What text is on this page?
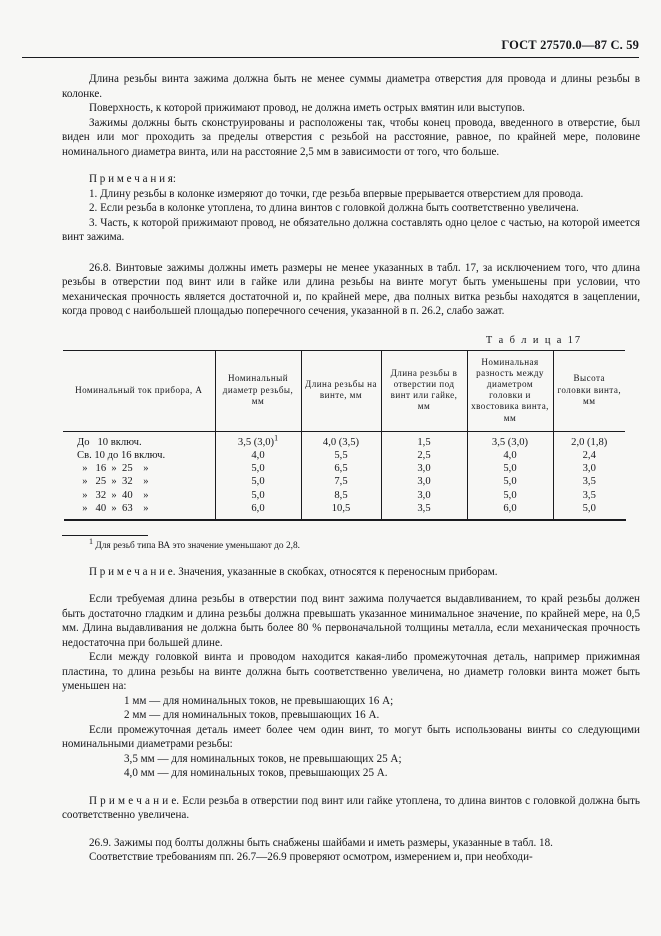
ГОСТ 27570.0—87 С. 59

Длина резьбы винта зажима должна быть не менее суммы диаметра отверстия для провода и длины резьбы в колонке.

Поверхность, к которой прижимают провод, не должна иметь острых вмятин или выступов.

Зажимы должны быть сконструированы и расположены так, чтобы конец провода, введенного в отверстие, был виден или мог проходить за пределы отверстия с резьбой на расстояние, равное, по крайней мере, половине номинального диаметра винта, или на расстояние 2,5 мм в зависимости от того, что больше.

П р и м е ч а н и я:

1. Длину резьбы в колонке измеряют до точки, где резьба впервые прерывается отверстием для провода.

2. Если резьба в колонке утоплена, то длина винтов с головкой должна быть соответственно увеличена.

3. Часть, к которой прижимают провод, не обязательно должна составлять одно целое с частью, на которой имеется винт зажима.

26.8. Винтовые зажимы должны иметь размеры не менее указанных в табл. 17, за исключением того, что длина резьбы в отверстии под винт или в гайке или длина резьбы на винте могут быть уменьшены при условии, что механическая прочность является достаточной и, по крайней мере, два полных витка резьбы находятся в зацеплении, когда провод с наибольшей площадью поперечного сечения, указанной в п. 26.2, слабо зажат.

Т а б л и ц а 17
Номинальный ток прибора, А	Номинальный диаметр резьбы, мм	Длина резьбы на винте, мм	Длина резьбы в отверстии под винт или гайке, мм	Номинальная разность между диаметром головки и хвостовика винта, мм	Высота головки винта, мм
До   10 включ.	3,5 $(3,0)^1$	4,0 (3,5)	1,5	3,5 (3,0)	2,0 (1,8)
Св. 10 до 16 включ.	4,0	5,5	2,5	4,0	2,4
»   16  »  25    »	5,0	6,5	3,0	5,0	3,0
»   25  »  32    »	5,0	7,5	3,0	5,0	3,5
»   32  »  40    »	5,0	8,5	3,0	5,0	3,5
»   40  »  63    »	6,0	10,5	3,5	6,0	5,0

$^1$ Для резьб типа ВА это значение уменьшают до 2,8.

П р и м е ч а н и е. Значения, указанные в скобках, относятся к переносным приборам.

Если требуемая длина резьбы в отверстии под винт зажима получается выдавливанием, то край резьбы должен быть достаточно гладким и длина резьбы должна превышать указанное минимальное значение, по крайней мере, на 0,5 мм. Длина выдавливания не должна быть более 80 % первоначальной толщины металла, если механическая прочность недостаточна при большей длине.

Если между головкой винта и проводом находится какая-либо промежуточная деталь, например прижимная пластина, то длина резьбы на винте должна быть соответственно увеличена, но диаметр головки винта может быть уменьшен на:

1 мм — для номинальных токов, не превышающих 16 А;

2 мм — для номинальных токов, превышающих 16 А.

Если промежуточная деталь имеет более чем один винт, то могут быть использованы винты со следующими номинальными диаметрами резьбы:

3,5 мм — для номинальных токов, не превышающих 25 А;

4,0 мм — для номинальных токов, превышающих 25 А.

П р и м е ч а н и е. Если резьба в отверстии под винт или гайке утоплена, то длина винтов с головкой должна быть соответственно увеличена.

26.9. Зажимы под болты должны быть снабжены шайбами и иметь размеры, указанные в табл. 18.

Соответствие требованиям пп. 26.7—26.9 проверяют осмотром, измерением и, при необходи-
